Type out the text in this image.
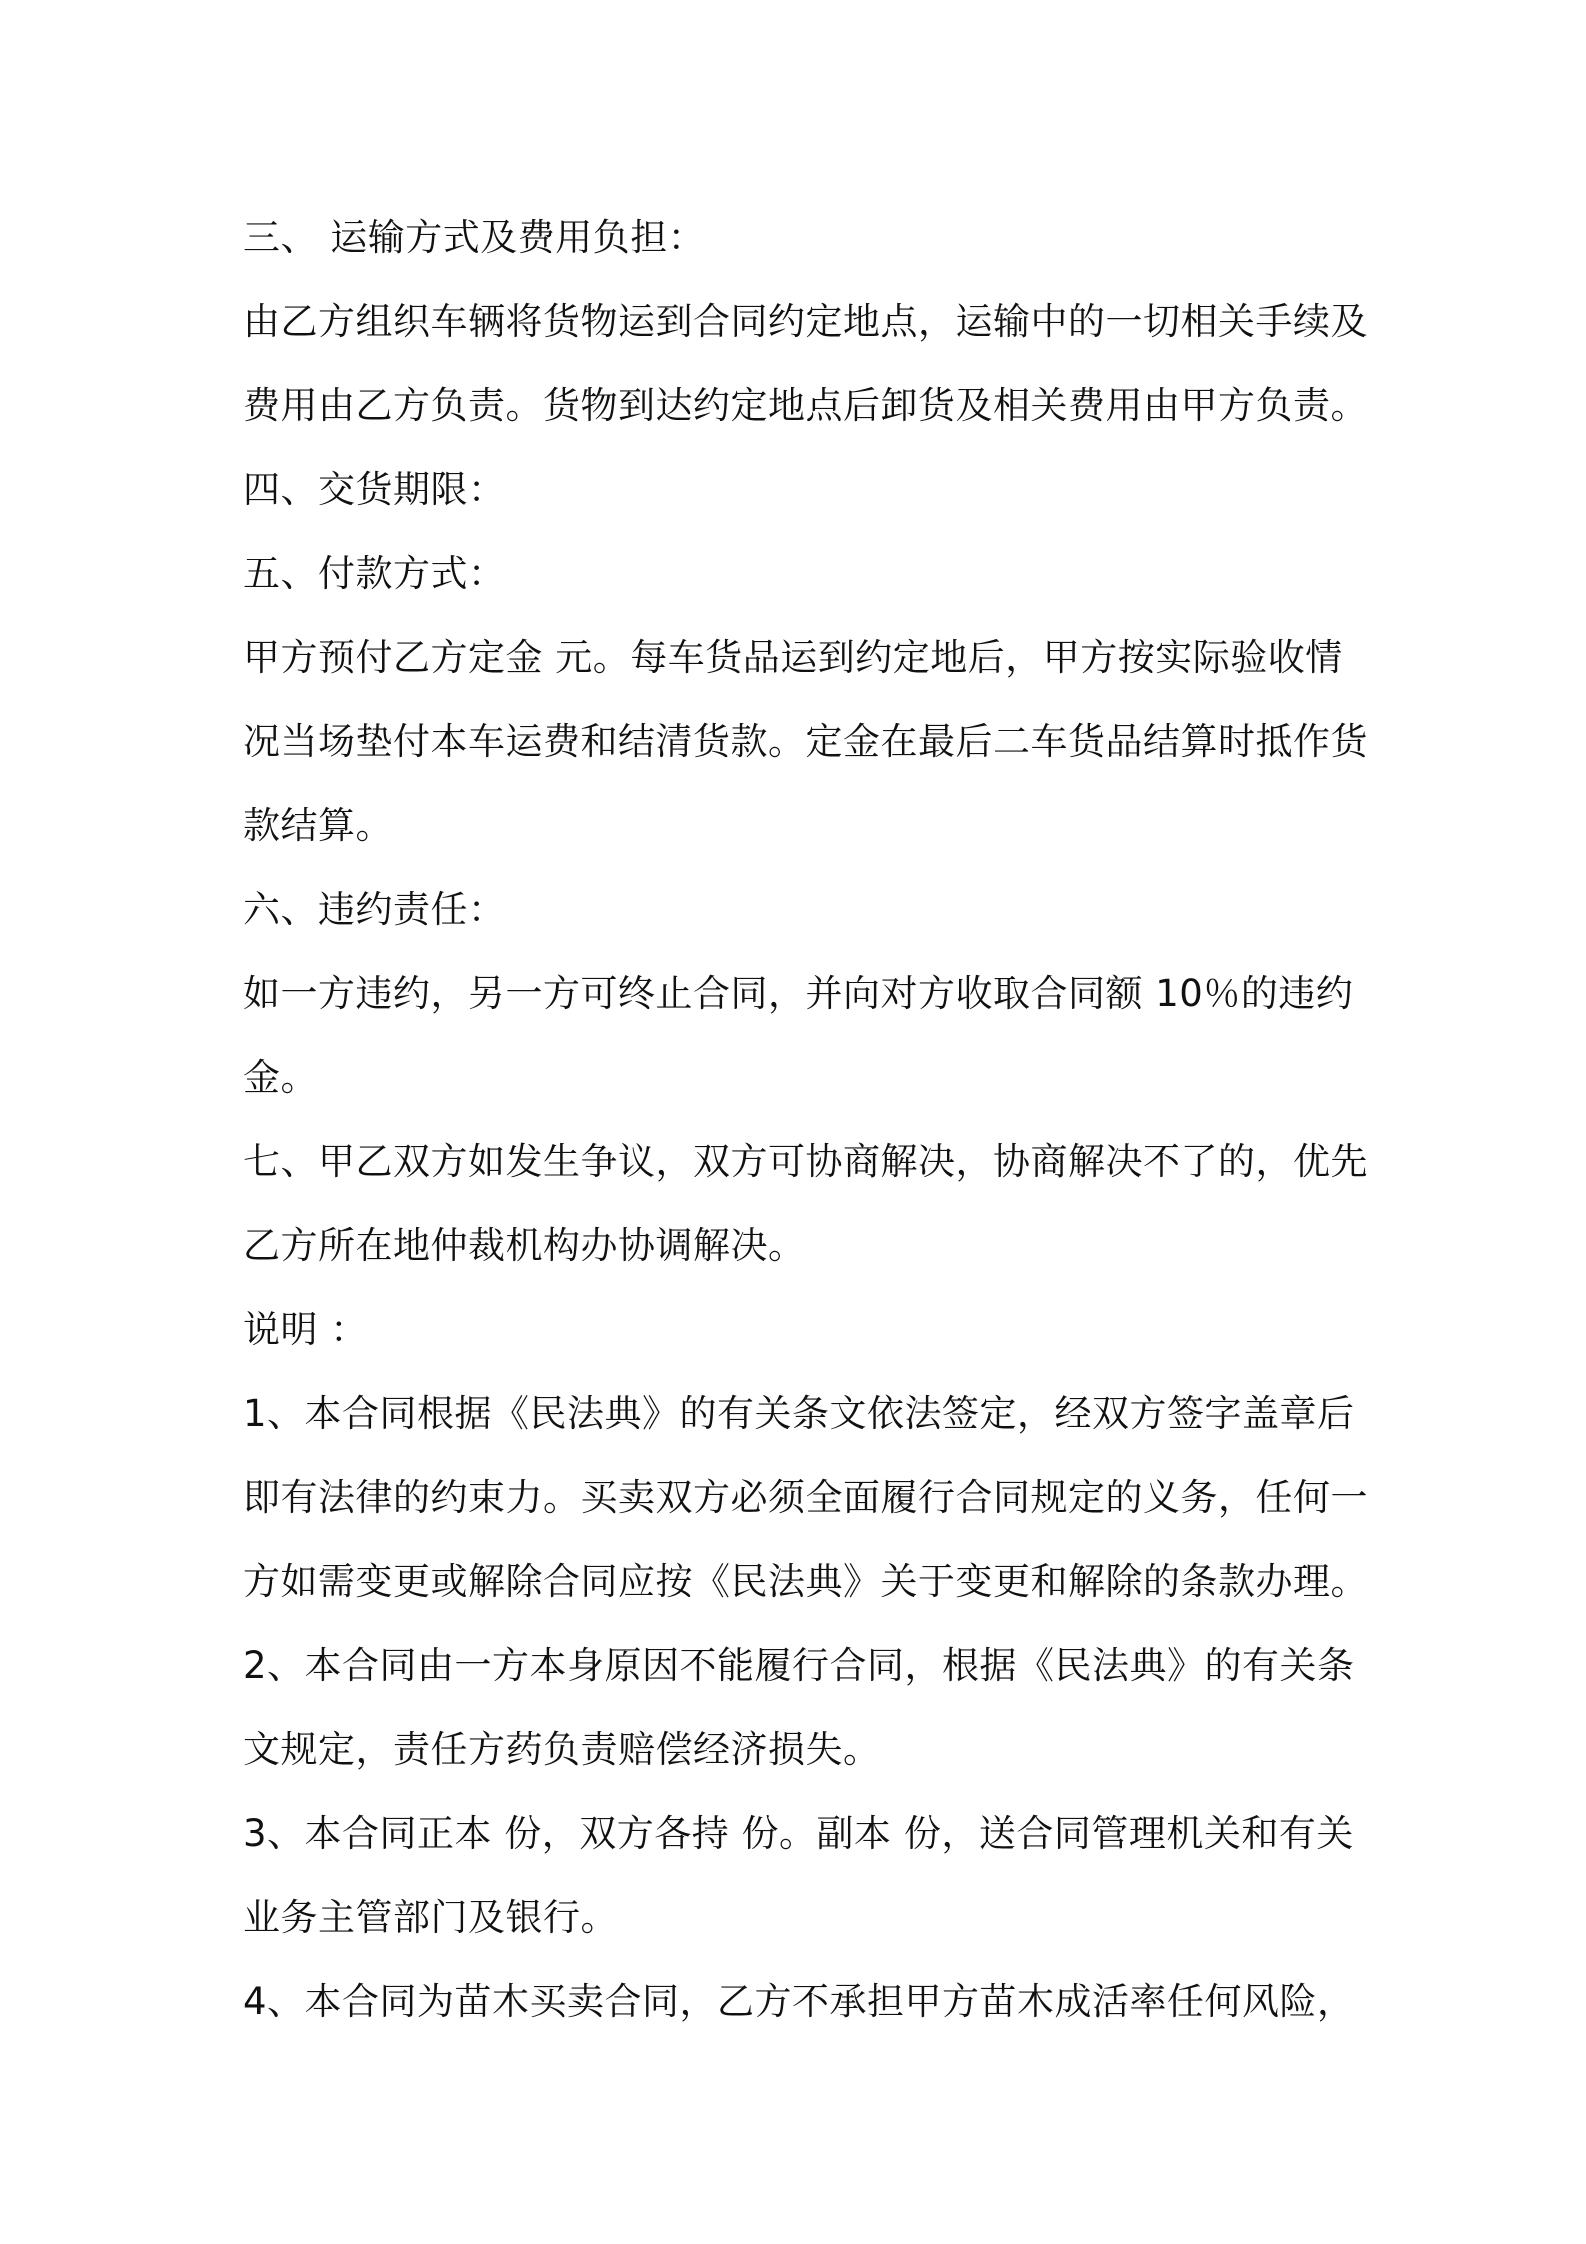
三、 运输方式及费用负担：
由乙方组织车辆将货物运到合同约定地点，运输中的一切相关手续及
费用由乙方负责。货物到达约定地点后卸货及相关费用由甲方负责。
四、交货期限：
五、付款方式：
甲方预付乙方定金 元。每车货品运到约定地后，甲方按实际验收情
况当场垫付本车运费和结清货款。定金在最后二车货品结算时抵作货
款结算。
六、违约责任：
如一方违约，另一方可终止合同，并向对方收取合同额 10％的违约
金。
七、甲乙双方如发生争议，双方可协商解决，协商解决不了的，优先
乙方所在地仲裁机构办协调解决。
说明 ：
1、本合同根据《民法典》的有关条文依法签定，经双方签字盖章后
即有法律的约束力。买卖双方必须全面履行合同规定的义务，任何一
方如需变更或解除合同应按《民法典》关于变更和解除的条款办理。
2、本合同由一方本身原因不能履行合同，根据《民法典》的有关条
文规定，责任方药负责赔偿经济损失。
3、本合同正本 份，双方各持 份。副本 份，送合同管理机关和有关
业务主管部门及银行。
4、本合同为苗木买卖合同，乙方不承担甲方苗木成活率任何风险，
